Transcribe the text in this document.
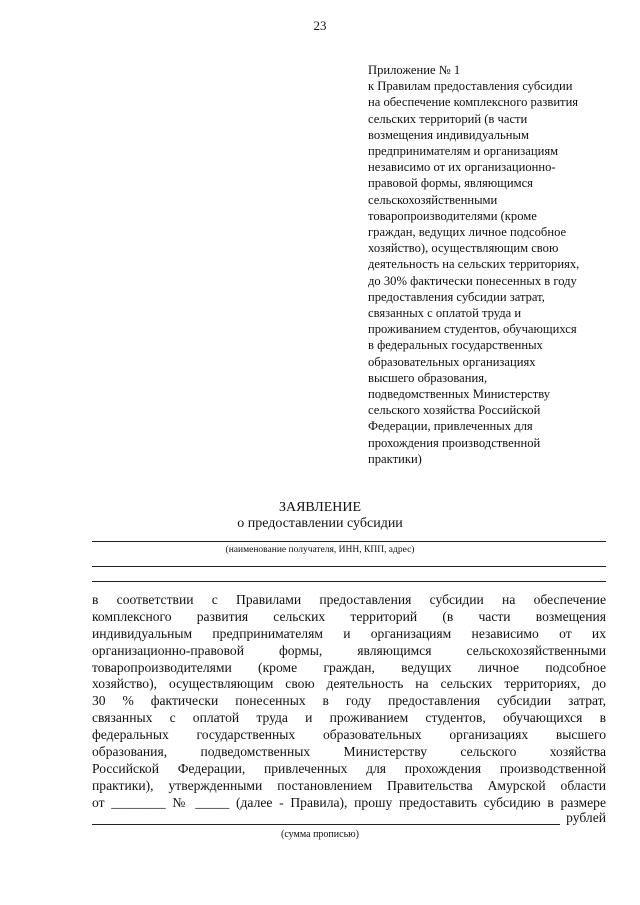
23
Приложение № 1
к Правилам предоставления субсидии
на обеспечение комплексного развития
сельских территорий (в части
возмещения индивидуальным
предпринимателям и организациям
независимо от их организационно-
правовой формы, являющимся
сельскохозяйственными
товаропроизводителями (кроме
граждан, ведущих личное подсобное
хозяйство), осуществляющим свою
деятельность на сельских территориях,
до 30% фактически понесенных в году
предоставления субсидии затрат,
связанных с оплатой труда и
проживанием студентов, обучающихся
в федеральных государственных
образовательных организациях
высшего образования,
подведомственных Министерству
сельского хозяйства Российской
Федерации, привлеченных для
прохождения производственной
практики)
ЗАЯВЛЕНИЕ
о предоставлении субсидии
(наименование получателя, ИНН, КПП, адрес)
в соответствии с Правилами предоставления субсидии на обеспечение
комплексного развития сельских территорий (в части возмещения
индивидуальным предпринимателям и организациям независимо от их
организационно-правовой формы, являющимся сельскохозяйственными
товаропроизводителями (кроме граждан, ведущих личное подсобное
хозяйство), осуществляющим свою деятельность на сельских территориях, до
30 % фактически понесенных в году предоставления субсидии затрат,
связанных с оплатой труда и проживанием студентов, обучающихся в
федеральных государственных образовательных организациях высшего
образования, подведомственных Министерству сельского хозяйства
Российской Федерации, привлеченных для прохождения производственной
практики), утвержденными постановлением Правительства Амурской области
от ________ № _____ (далее - Правила), прошу предоставить субсидию в размере
рублей
(сумма прописью)
